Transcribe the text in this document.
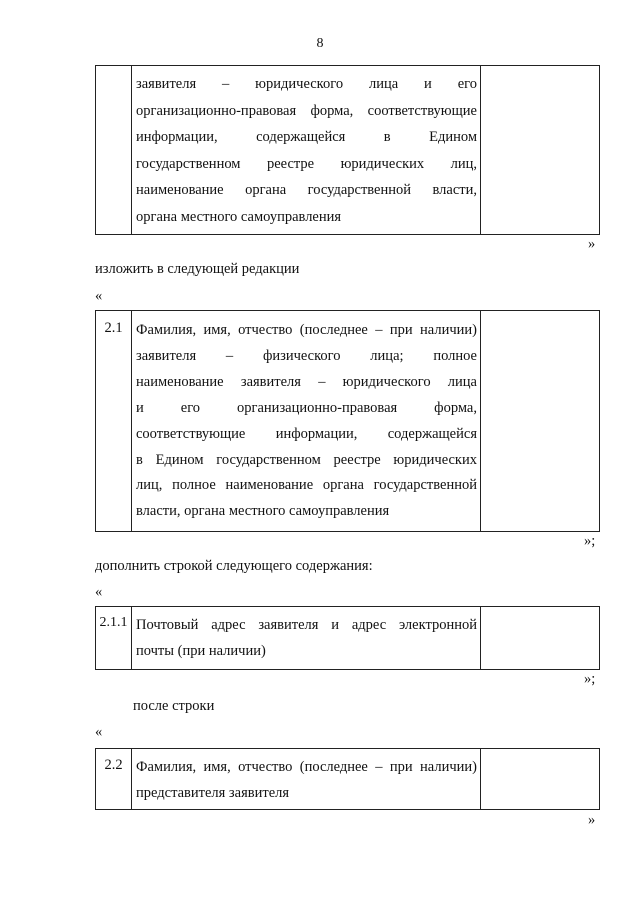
8

заявителя – юридического лица и его
организационно-правовая форма, соответствующие
информации, содержащейся в Едином
государственном реестре юридических лиц,
наименование органа государственной власти,
органа местного самоуправления

»
изложить в следующей редакции
«
2.1	Фамилия, имя, отчество (последнее – при наличии)
заявителя – физического лица; полное
наименование заявителя – юридического лица
и его организационно-правовая форма,
соответствующие информации, содержащейся
в Едином государственном реестре юридических
лиц, полное наименование органа государственной
власти, органа местного самоуправления

»;
дополнить строкой следующего содержания:
«
2.1.1	Почтовый адрес заявителя и адрес электронной
почты (при наличии)

»;
после строки
«
2.2	Фамилия, имя, отчество (последнее – при наличии)
представителя заявителя

»
